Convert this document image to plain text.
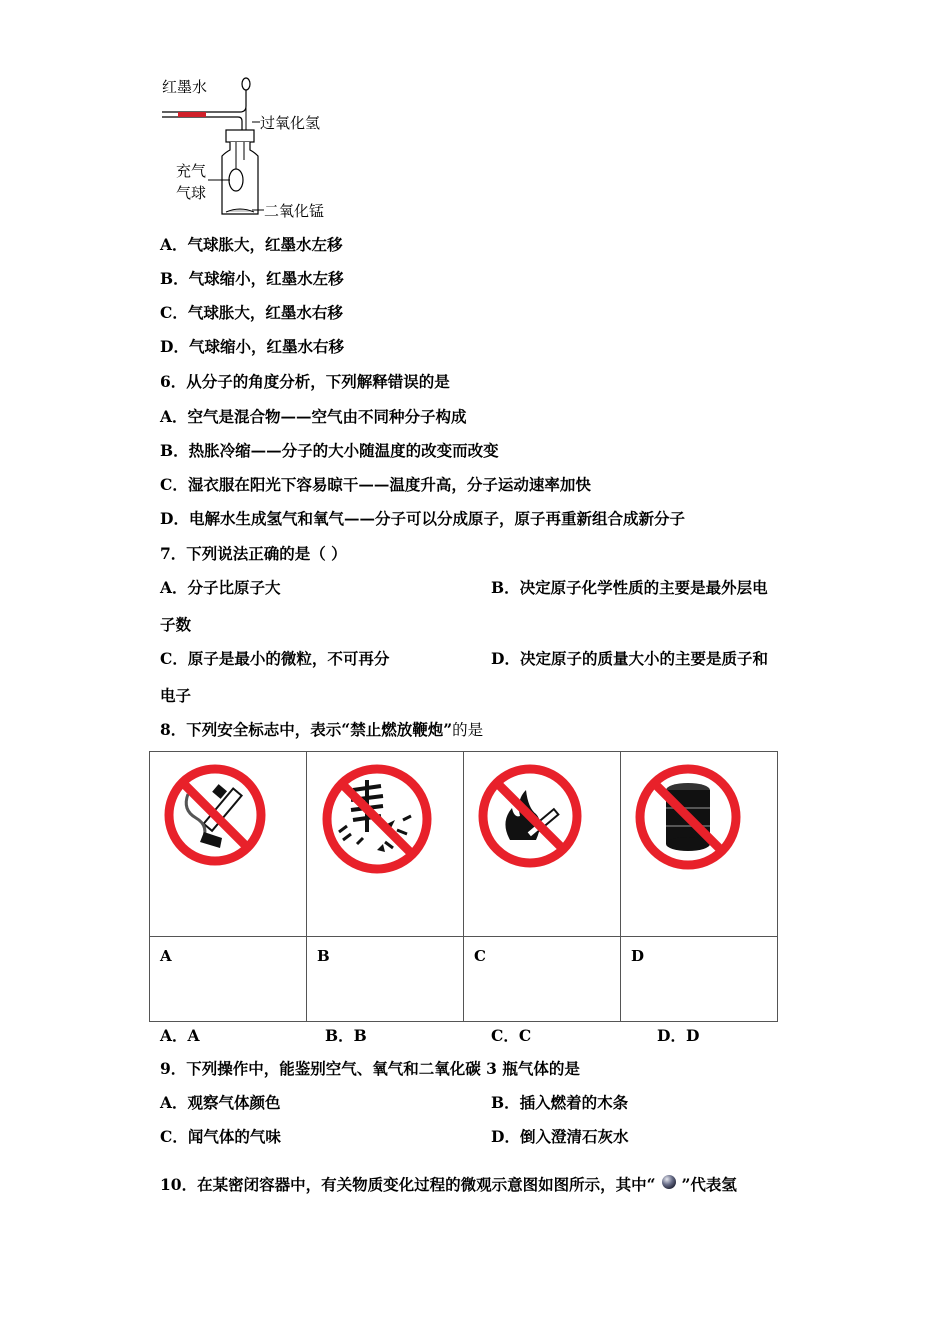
红墨水
过氧化氢
充气
气球
二氧化锰
A．气球胀大，红墨水左移
B．气球缩小，红墨水左移
C．气球胀大，红墨水右移
D．气球缩小，红墨水右移
6．从分子的角度分析，下列解释错误的是
A．空气是混合物——空气由不同种分子构成
B．热胀冷缩——分子的大小随温度的改变而改变
C．湿衣服在阳光下容易晾干——温度升高，分子运动速率加快
D．电解水生成氢气和氧气——分子可以分成原子，原子再重新组合成新分子
7．下列说法正确的是（ ）
A．分子比原子大	B．决定原子化学性质的主要是最外层电
子数
C．原子是最小的微粒，不可再分	D．决定原子的质量大小的主要是质子和
电子
8．下列安全标志中，表示“禁止燃放鞭炮”的是

A	B	C	D
A．A	B．B	C．C	D．D
9．下列操作中，能鉴别空气、氧气和二氧化碳 3 瓶气体的是
A．观察气体颜色	B．插入燃着的木条
C．闻气体的气味	D．倒入澄清石灰水
10．在某密闭容器中，有关物质变化过程的微观示意图如图所示，其中“ ”代表氢
